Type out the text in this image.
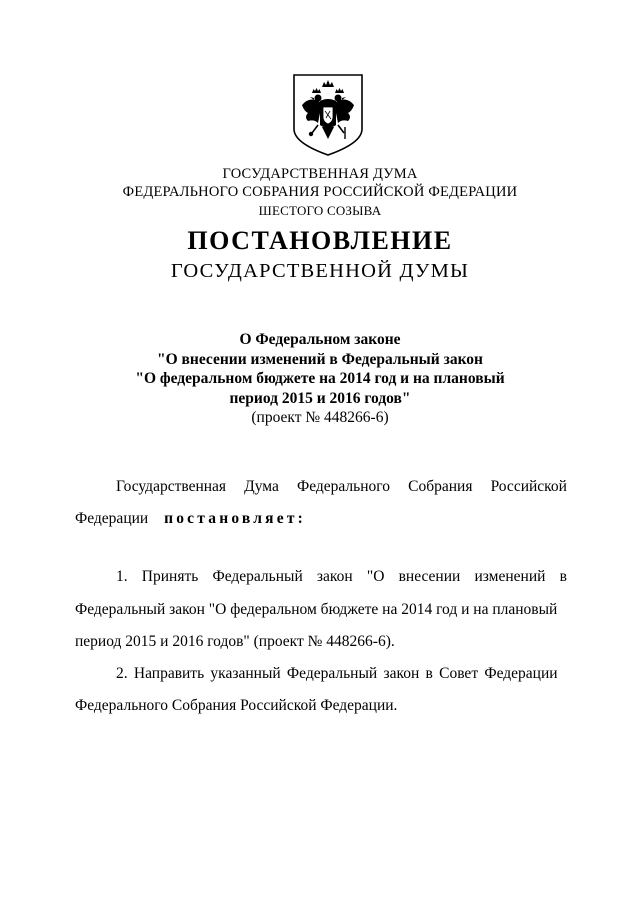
ГОСУДАРСТВЕННАЯ ДУМА
ФЕДЕРАЛЬНОГО СОБРАНИЯ РОССИЙСКОЙ ФЕДЕРАЦИИ
ШЕСТОГО СОЗЫВА
ПОСТАНОВЛЕНИЕ
ГОСУДАРСТВЕННОЙ ДУМЫ
О Федеральном законе
"О внесении изменений в Федеральный закон
"О федеральном бюджете на 2014 год и на плановый
период 2015 и 2016 годов"
(проект № 448266-6)
Государственная Дума Федерального Собрания Российской
Федерации постановляет:
1. Принять Федеральный закон "О внесении изменений в
Федеральный закон "О федеральном бюджете на 2014 год и на плановый
период 2015 и 2016 годов" (проект № 448266-6).
2. Направить указанный Федеральный закон в Совет Федерации
Федерального Собрания Российской Федерации.
